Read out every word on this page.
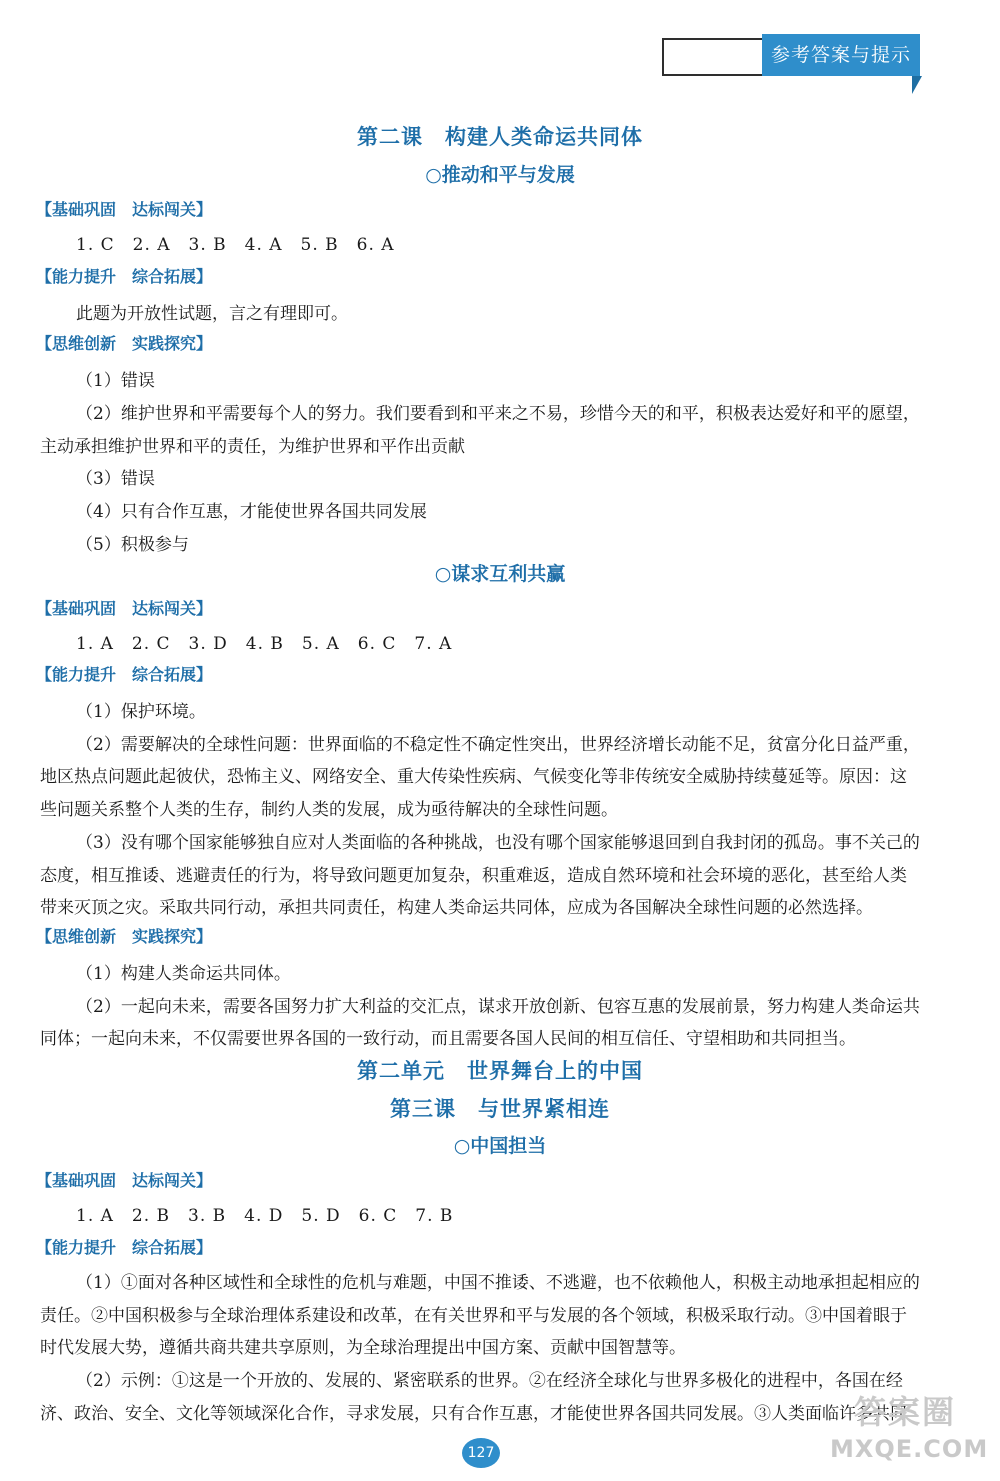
参考答案与提示
第二课　构建人类命运共同体
○推动和平与发展
【基础巩固　达标闯关】
1. C　2. A　3. B　4. A　5. B　6. A
【能力提升　综合拓展】
此题为开放性试题，言之有理即可。
【思维创新　实践探究】
（1）错误
（2）维护世界和平需要每个人的努力。我们要看到和平来之不易，珍惜今天的和平，积极表达爱好和平的愿望，
主动承担维护世界和平的责任，为维护世界和平作出贡献
（3）错误
（4）只有合作互惠，才能使世界各国共同发展
（5）积极参与
○谋求互利共赢
【基础巩固　达标闯关】
1. A　2. C　3. D　4. B　5. A　6. C　7. A
【能力提升　综合拓展】
（1）保护环境。
（2）需要解决的全球性问题：世界面临的不稳定性不确定性突出，世界经济增长动能不足，贫富分化日益严重，
地区热点问题此起彼伏，恐怖主义、网络安全、重大传染性疾病、气候变化等非传统安全威胁持续蔓延等。原因：这
些问题关系整个人类的生存，制约人类的发展，成为亟待解决的全球性问题。
（3）没有哪个国家能够独自应对人类面临的各种挑战，也没有哪个国家能够退回到自我封闭的孤岛。事不关己的
态度，相互推诿、逃避责任的行为，将导致问题更加复杂，积重难返，造成自然环境和社会环境的恶化，甚至给人类
带来灭顶之灾。采取共同行动，承担共同责任，构建人类命运共同体，应成为各国解决全球性问题的必然选择。
【思维创新　实践探究】
（1）构建人类命运共同体。
（2）一起向未来，需要各国努力扩大利益的交汇点，谋求开放创新、包容互惠的发展前景，努力构建人类命运共
同体；一起向未来，不仅需要世界各国的一致行动，而且需要各国人民间的相互信任、守望相助和共同担当。
第二单元　世界舞台上的中国
第三课　与世界紧相连
○中国担当
【基础巩固　达标闯关】
1. A　2. B　3. B　4. D　5. D　6. C　7. B
【能力提升　综合拓展】
（1）①面对各种区域性和全球性的危机与难题，中国不推诿、不逃避，也不依赖他人，积极主动地承担起相应的
责任。②中国积极参与全球治理体系建设和改革，在有关世界和平与发展的各个领域，积极采取行动。③中国着眼于
时代发展大势，遵循共商共建共享原则，为全球治理提出中国方案、贡献中国智慧等。
（2）示例：①这是一个开放的、发展的、紧密联系的世界。②在经济全球化与世界多极化的进程中，各国在经
济、政治、安全、文化等领域深化合作，寻求发展，只有合作互惠，才能使世界各国共同发展。③人类面临许多共同
答案圈
MXQE.COM
127
